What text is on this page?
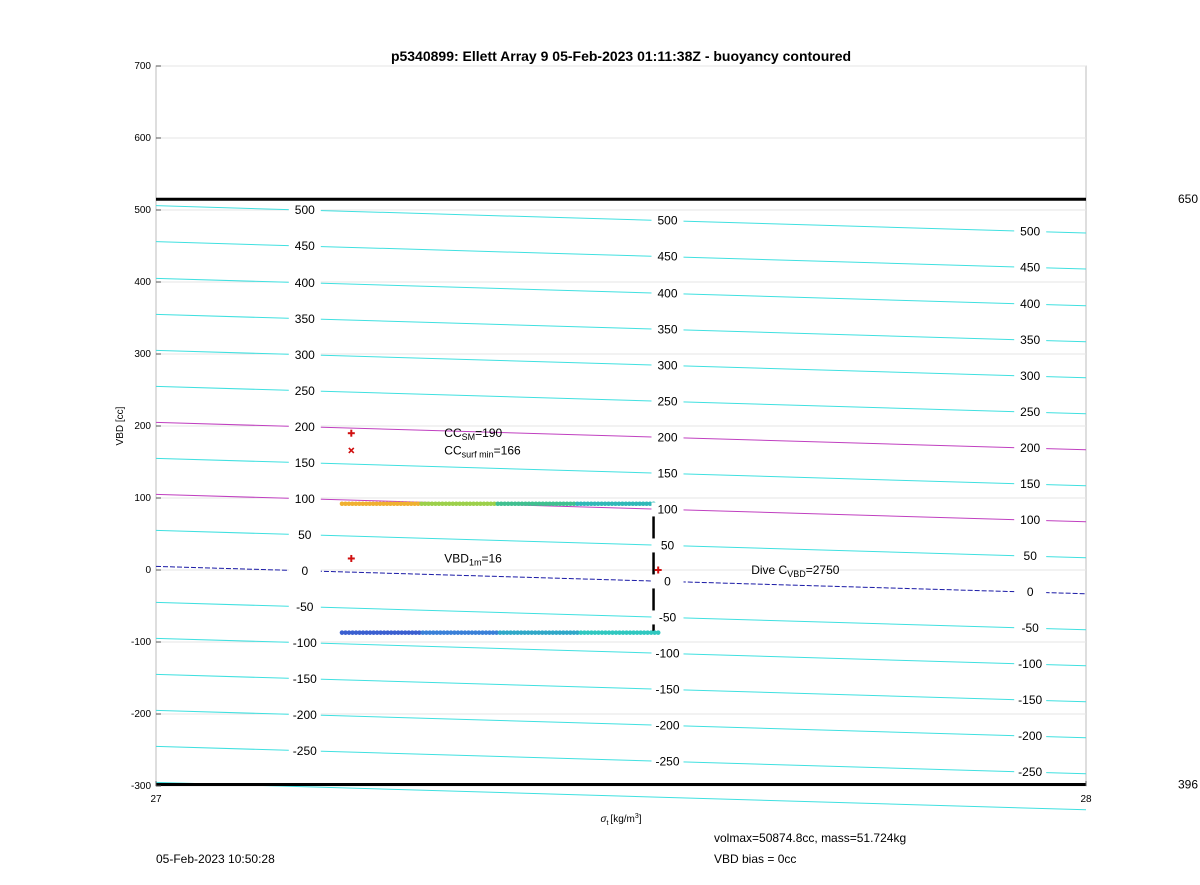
650
396
500
500
500
450
450
450
400
400
400
350
350
350
300
300
300
250
250
250
200
200
200
150
150
150
100
100
100
50
50
50
0
0
0
-50
-50
-50
-100
-100
-100
-150
-150
-150
-200
-200
-200
-250
-250
-250
700
600
500
400
300
200
100
0
-100
-200
-300
27	28
$CC_{SM}=190$
$CC_{surf min}=166$
$VBD_{1m}=16$
Dive $C_{VBD}=2750$
p5340899: Ellett Array 9 05-Feb-2023 01:11:38Z - buoyancy contoured
VBD [cc]
$\sigma_t$ $[kg/m^3]$
05-Feb-2023 10:50:28
volmax=50874.8cc, mass=51.724kg
VBD bias = 0cc
